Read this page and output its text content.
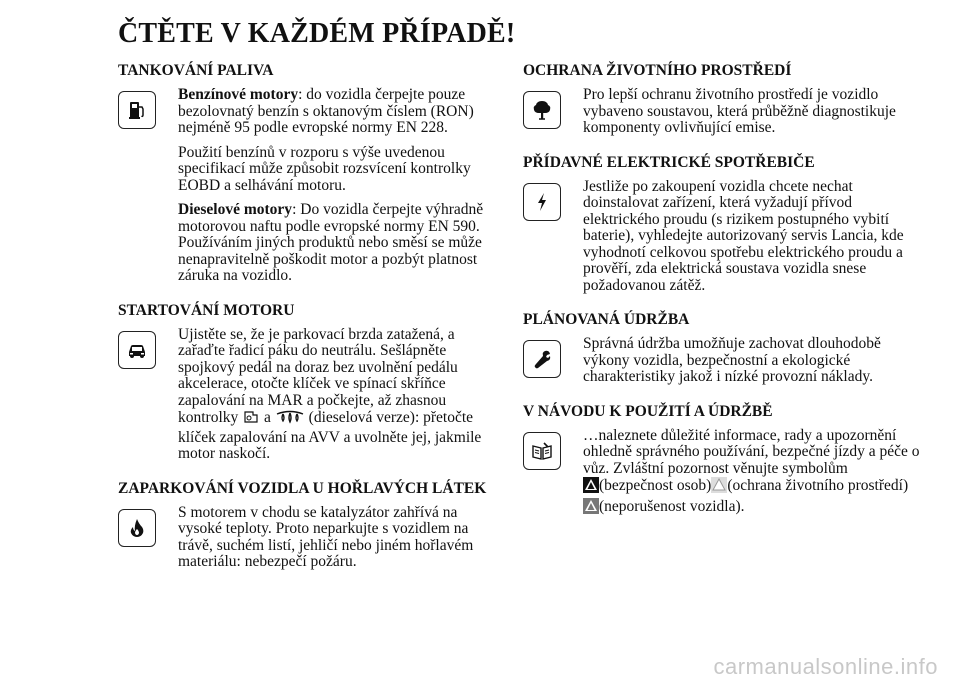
ČTĚTE V KAŽDÉM PŘÍPADĚ!
TANKOVÁNÍ PALIVA

Benzínové motory: do vozidla čerpejte pouze bezolovnatý benzín s oktanovým číslem (RON) nejméně 95 podle evropské normy EN 228.

Použití benzínů v rozporu s výše uvedenou specifikací může způsobit rozsvícení kontrolky EOBD a selhávání motoru.

Dieselové motory: Do vozidla čerpejte výhradně motorovou naftu podle evropské normy EN 590. Používáním jiných produktů nebo směsí se může nenapravitelně poškodit motor a pozbýt platnost záruka na vozidlo.

STARTOVÁNÍ MOTORU

Ujistěte se, že je parkovací brzda zatažená, a zařaďte řadicí páku do neutrálu. Sešlápněte spojkový pedál na doraz bez uvolnění pedálu akcelerace, otočte klíček ve spínací skříňce zapalování na MAR a počkejte, až zhasnou kontrolky a (dieselová verze): přetočte klíček zapalování na AVV a uvolněte jej, jakmile motor naskočí.

ZAPARKOVÁNÍ VOZIDLA U HOŘLAVÝCH LÁTEK

S motorem v chodu se katalyzátor zahřívá na vysoké teploty. Proto neparkujte s vozidlem na trávě, suchém listí, jehličí nebo jiném hořlavém materiálu: nebezpečí požáru.

OCHRANA ŽIVOTNÍHO PROSTŘEDÍ

Pro lepší ochranu životního prostředí je vozidlo vybaveno soustavou, která průběžně diagnostikuje komponenty ovlivňující emise.

PŘÍDAVNÉ ELEKTRICKÉ SPOTŘEBIČE

Jestliže po zakoupení vozidla chcete nechat doinstalovat zařízení, která vyžadují přívod elektrického proudu (s rizikem postupného vybití baterie), vyhledejte autorizovaný servis Lancia, kde vyhodnotí celkovou spotřebu elektrického proudu a prověří, zda elektrická soustava vozidla snese požadovanou zátěž.

PLÁNOVANÁ ÚDRŽBA

Správná údržba umožňuje zachovat dlouhodobě výkony vozidla, bezpečnostní a ekologické charakteristiky jakož i nízké provozní náklady.

V NÁVODU K POUŽITÍ A ÚDRŽBĚ

…naleznete důležité informace, rady a upozornění ohledně správného používání, bezpečné jízdy a péče o vůz. Zvláštní pozornost věnujte symbolům
(bezpečnost osob) (ochrana životního prostředí)(neporušenost vozidla).

carmanualsonline.info
